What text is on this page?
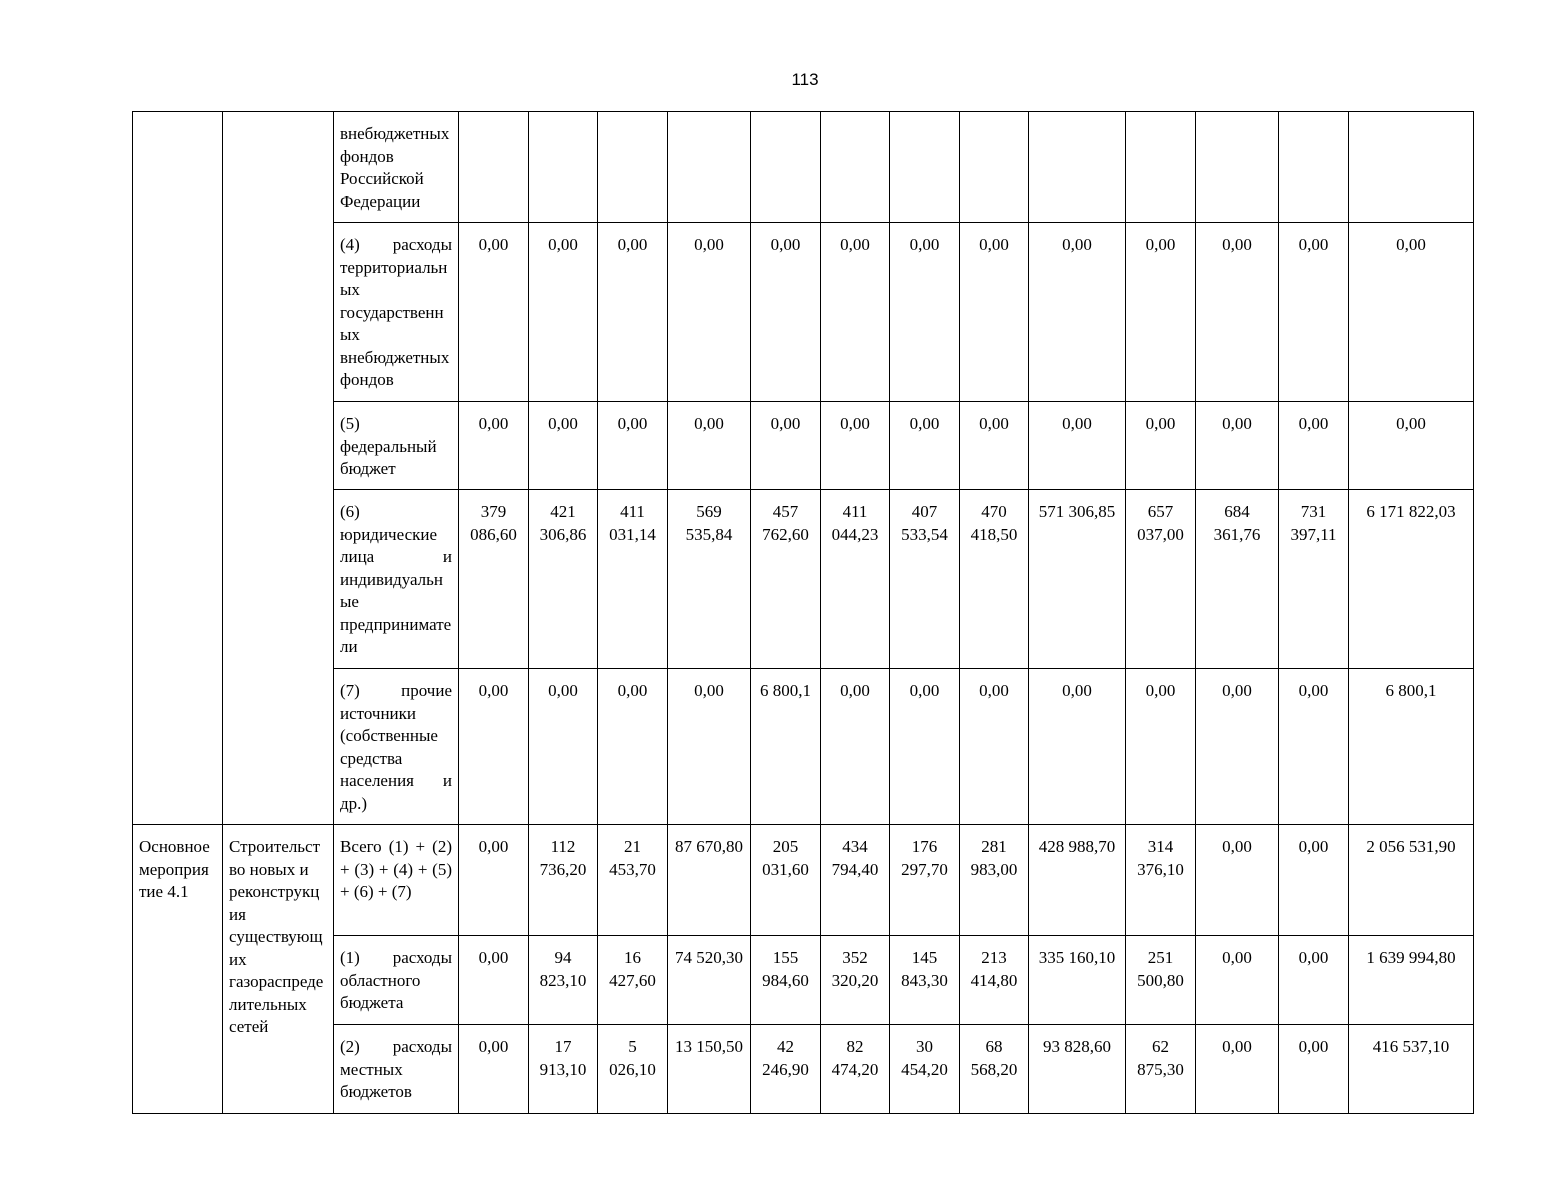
113
		внебюджетных фондов Российской Федерации													
		(4) расходы территориальных государственных внебюджетных фондов	0,00	0,00	0,00	0,00	0,00	0,00	0,00	0,00	0,00	0,00	0,00	0,00	0,00
		(5) федеральный бюджет	0,00	0,00	0,00	0,00	0,00	0,00	0,00	0,00	0,00	0,00	0,00	0,00	0,00
		(6) юридические лица и индивидуальные предприниматели	379 086,60	421 306,86	411 031,14	569 535,84	457 762,60	411 044,23	407 533,54	470 418,50	571 306,85	657 037,00	684 361,76	731 397,11	6 171 822,03
		(7) прочие источники (собственные средства населения и др.)	0,00	0,00	0,00	0,00	6 800,1	0,00	0,00	0,00	0,00	0,00	0,00	0,00	6 800,1
Основное мероприятие 4.1	Строительство новых и реконструкция существующих газораспределительных сетей	Всего (1) + (2) + (3) + (4) + (5) + (6) + (7)	0,00	112 736,20	21 453,70	87 670,80	205 031,60	434 794,40	176 297,70	281 983,00	428 988,70	314 376,10	0,00	0,00	2 056 531,90
		(1) расходы областного бюджета	0,00	94 823,10	16 427,60	74 520,30	155 984,60	352 320,20	145 843,30	213 414,80	335 160,10	251 500,80	0,00	0,00	1 639 994,80
		(2) расходы местных бюджетов	0,00	17 913,10	5 026,10	13 150,50	42 246,90	82 474,20	30 454,20	68 568,20	93 828,60	62 875,30	0,00	0,00	416 537,10
